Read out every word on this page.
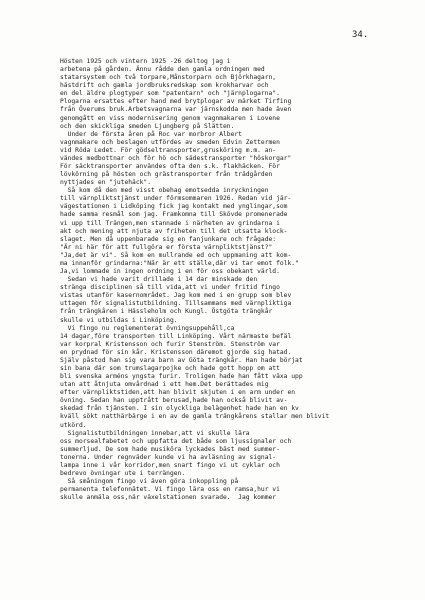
34.
Hösten 1925 och vintern 1925 -26 deltog jag i
arbetena på gården. Ännu rådde den gamla ordningen med
statarsystem och två torpare,Månstorparn och Björkhagarn,
hästdrift och gamla jordbruksredskap som krokharvar och
en del äldre plogtyper som "patentarn" och "järnplogarna".
Plogarna ersattes efter hand med brytplogar av märket Tirfing
från Överums bruk.Arbetsvagnarna var järnskodda men hade även
genomgått en viss modernisering genom vagnmakaren i Lovene
och den skickliga smeden Ljungberg på Slätten.
Under de första åren på Roc var morbror Albert
vagnmakare och beslagen utfördes av smeden Edvin Zettermen
vid Röda Ledet. För gödseltransporter,grusköring m.m. an-
vändes medbottnar och för hö och sädestransporter "höskorgar"
För säcktransporter användes ofta den s.k. flakhäcken. För
lövkörning på hösten och grästransporter från trädgården
nyttjades en "jutehäck".
Så kom då den med visst obehag emotsedda inryckningen
till värnpliktstjänst under förmsommaren 1926. Redan vid jär-
vägestationen i Lidköping fick jag kontakt med ynglingar,som
hade samma resmål som jag. Framkomna till Skövde promenerade
vi upp till Trängen,men stannade i närheten av grindarna i
akt och mening att njuta av friheten till det utsatta klock-
slaget. Men då uppenbarade sig en fanjunkare och frågade:
"Är ni här för att fullgöra er första värnpliktstjänst?"
"Ja,det är vi". Så kom en mullrande ed och uppmaning att kom-
ma innanför grindarna:"När är ett ställe,där vi tar emot folk."
Ja,vi lommade in ingen ordning i en för oss obekant värld.
Sedan vi hade varit drillade i 14 dar minskade den
stränga disciplinen så till vida,att vi under fritid fingo
vistas utanför kasernområdet. Jag kom med i en grupp som blev
uttagen för signalistutbildning. Tillsammans med värnpliktiga
från trängkåren i Hässleholm och Kungl. Östgöta trängkår
skulle vi utbildas i Linköping.
Vi fingo nu reglementerat övningsuppehåll,ca
14 dagar,före transporten till Linköping. Vårt närmaste befäl
var korpral Kristensson och furir Stenström. Stenström var
en prydnad för sin kår. Kristensson däremot gjorde sig hatad.
Själv påstod han sig vara barn av Göta trängkår. Han hade börjat
sin bana där som trumslagarpojke och hade gott hopp om att
bli svenska arméns yngsta furir. Troligen hade han fått växa upp
utan att åtnjuta omvårdnad i ett hem.Det berättades mig
efter värnpliktstiden,att han blivit skjuten i en arm under en
övning. Sedan han upptrått berusad,hade han också blivit av-
skedad från tjänsten. I sin olyckliga belägenhet hade han en kv
kväll sökt natthärbärge i en av de gamla trängkårens stallar men blivit
utkörd.
Signalistutbildningen innebar,att vi skulle lära
oss morsealfabetet och uppfatta det både som ljussignaler och
summerljud. De som hade musiköra lyckades bäst med summer-
tonerna. Under regnväder kunde vi ha avläsning av signal-
lampa inne i vår korridor,men snart fingo vi ut cyklar och
bedrevo övningar ute i terrängen.
Så småningom fingo vi även göra inkoppling på
permanenta telefonnätet. Vi fingo lära oss en ramsa,hur vi
skulle anmäla oss,när växelstationen svarade.  Jag kommer
